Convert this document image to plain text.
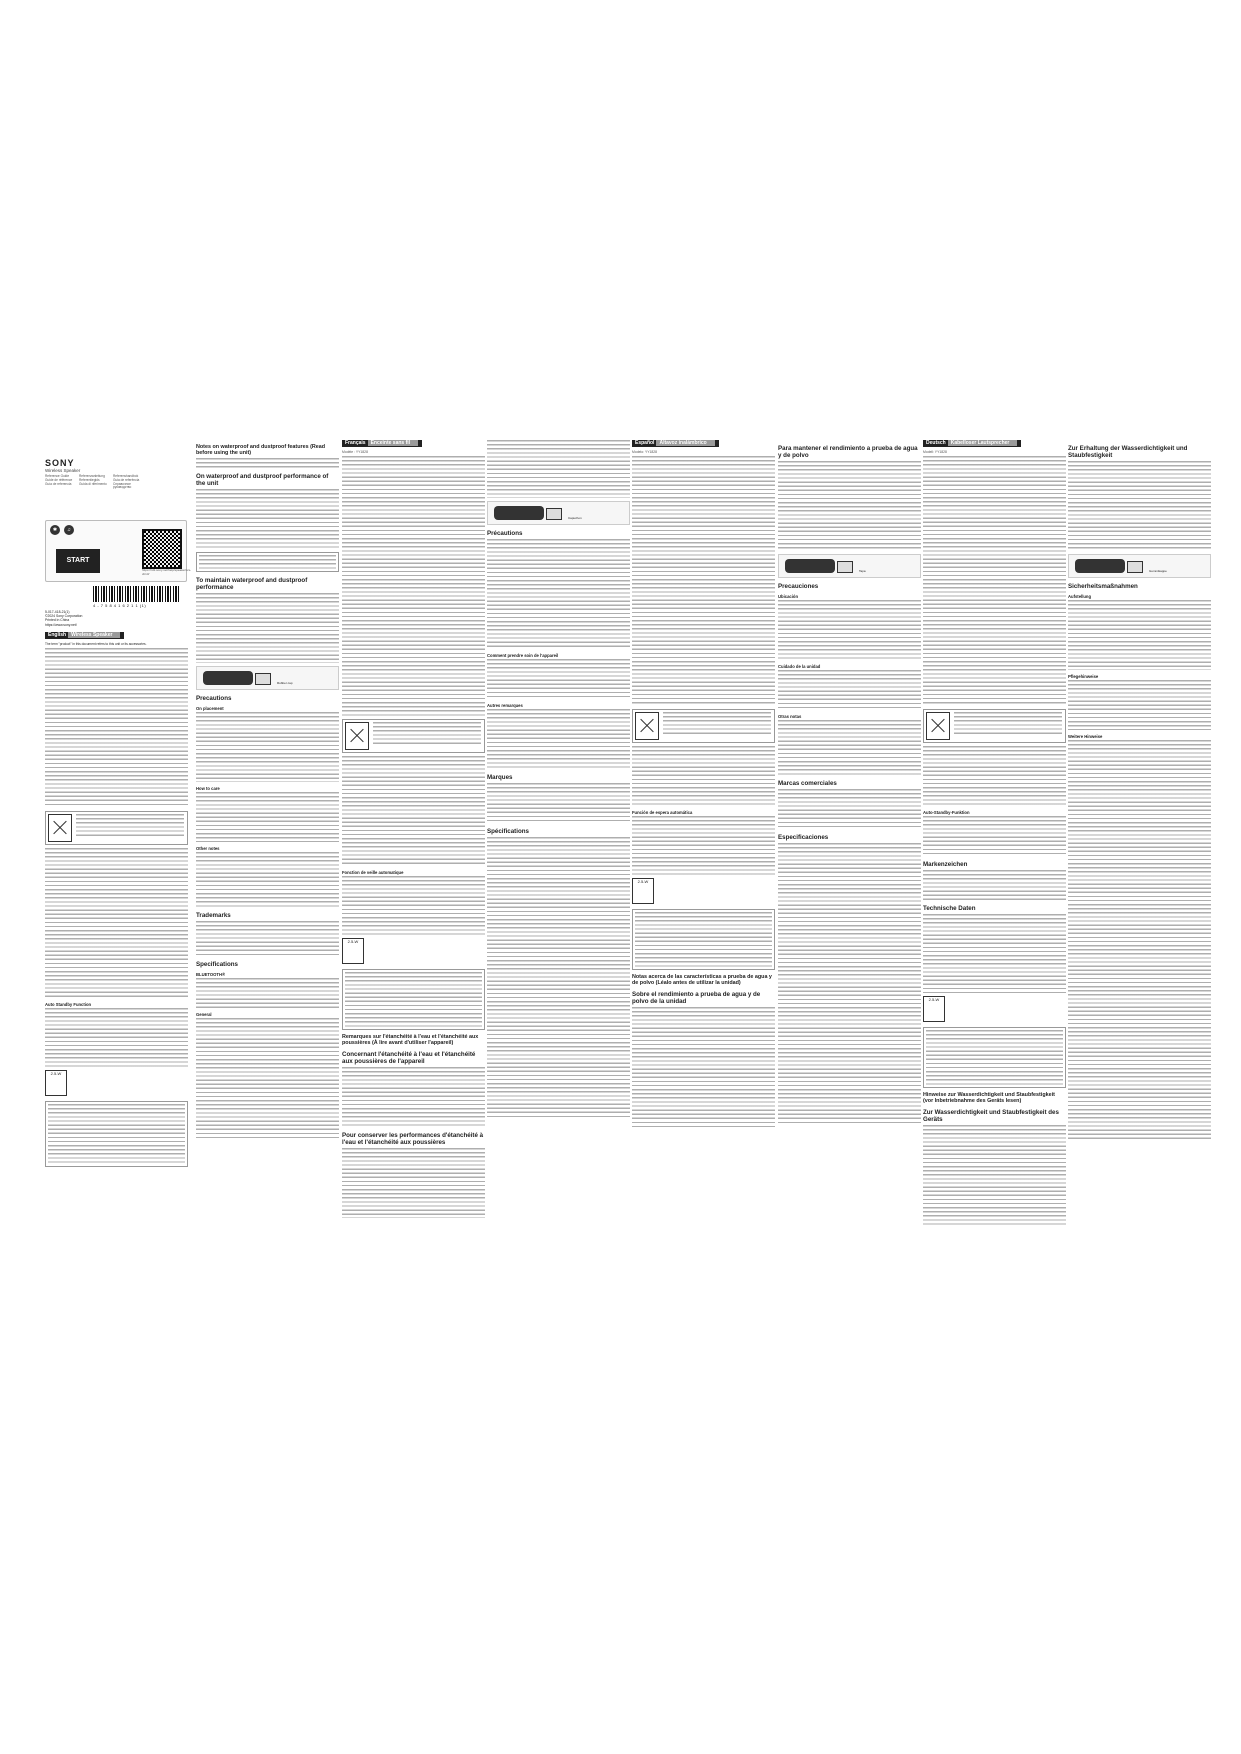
SONY
Wireless Speaker
Reference Guide	Referenzanleitung	Referenshandbok
Guide de référence Referentiegids	Guia de referência
Guía de referencia Guida di riferimento Справочное руководство
✱	♫
START
https://rd1.sony.net/help/speaker/srs-xb13/
4 - 7 5 8 4 1 6 2 1 1 (1)
5-017-418-21(1)
©2024 Sony Corporation
Printed in China
https://www.sony.net/
English Wireless Speaker

The term "product" in this document refers to this unit or its accessories.

Auto Standby Function
2.5-W
Notes on waterproof and dustproof features (Read before using the unit)
On waterproof and dustproof performance of the unit
To maintain waterproof and dustproof performance
Rubber cap
Precautions
On placement
How to care
Other notes
Trademarks
Specifications
BLUETOOTH®
General
Français Enceinte sans fil
Modèle : YY1828

Fonction de veille automatique
2.5-W
Remarques sur l'étanchéité à l'eau et l'étanchéité aux poussières (À lire avant d'utiliser l'appareil)
Concernant l'étanchéité à l'eau et l'étanchéité aux poussières de l'appareil
Pour conserver les performances d'étanchéité à l'eau et l'étanchéité aux poussières
Capuchon
Précautions
Comment prendre soin de l'appareil
Autres remarques
Marques
Spécifications
Español Altavoz inalámbrico
Modelo: YY1828

Función de espera automática
2.5-W
Notas acerca de las características a prueba de agua y de polvo (Léalo antes de utilizar la unidad)
Sobre el rendimiento a prueba de agua y de polvo de la unidad
Para mantener el rendimiento a prueba de agua y de polvo
Tapa
Precauciones
Ubicación
Cuidado de la unidad
Otras notas
Marcas comerciales
Especificaciones
Deutsch Kabelloser Lautsprecher
Modell: YY1828

Auto-Standby-Funktion
Markenzeichen
Technische Daten
2.5-W
Hinweise zur Wasserdichtigkeit und Staubfestigkeit (vor Inbetriebnahme des Geräts lesen)
Zur Wasserdichtigkeit und Staubfestigkeit des Geräts
Zur Erhaltung der Wasserdichtigkeit und Staubfestigkeit
Gummikappe
Sicherheitsmaßnahmen
Aufstellung
Pflegehinweise
Weitere Hinweise
